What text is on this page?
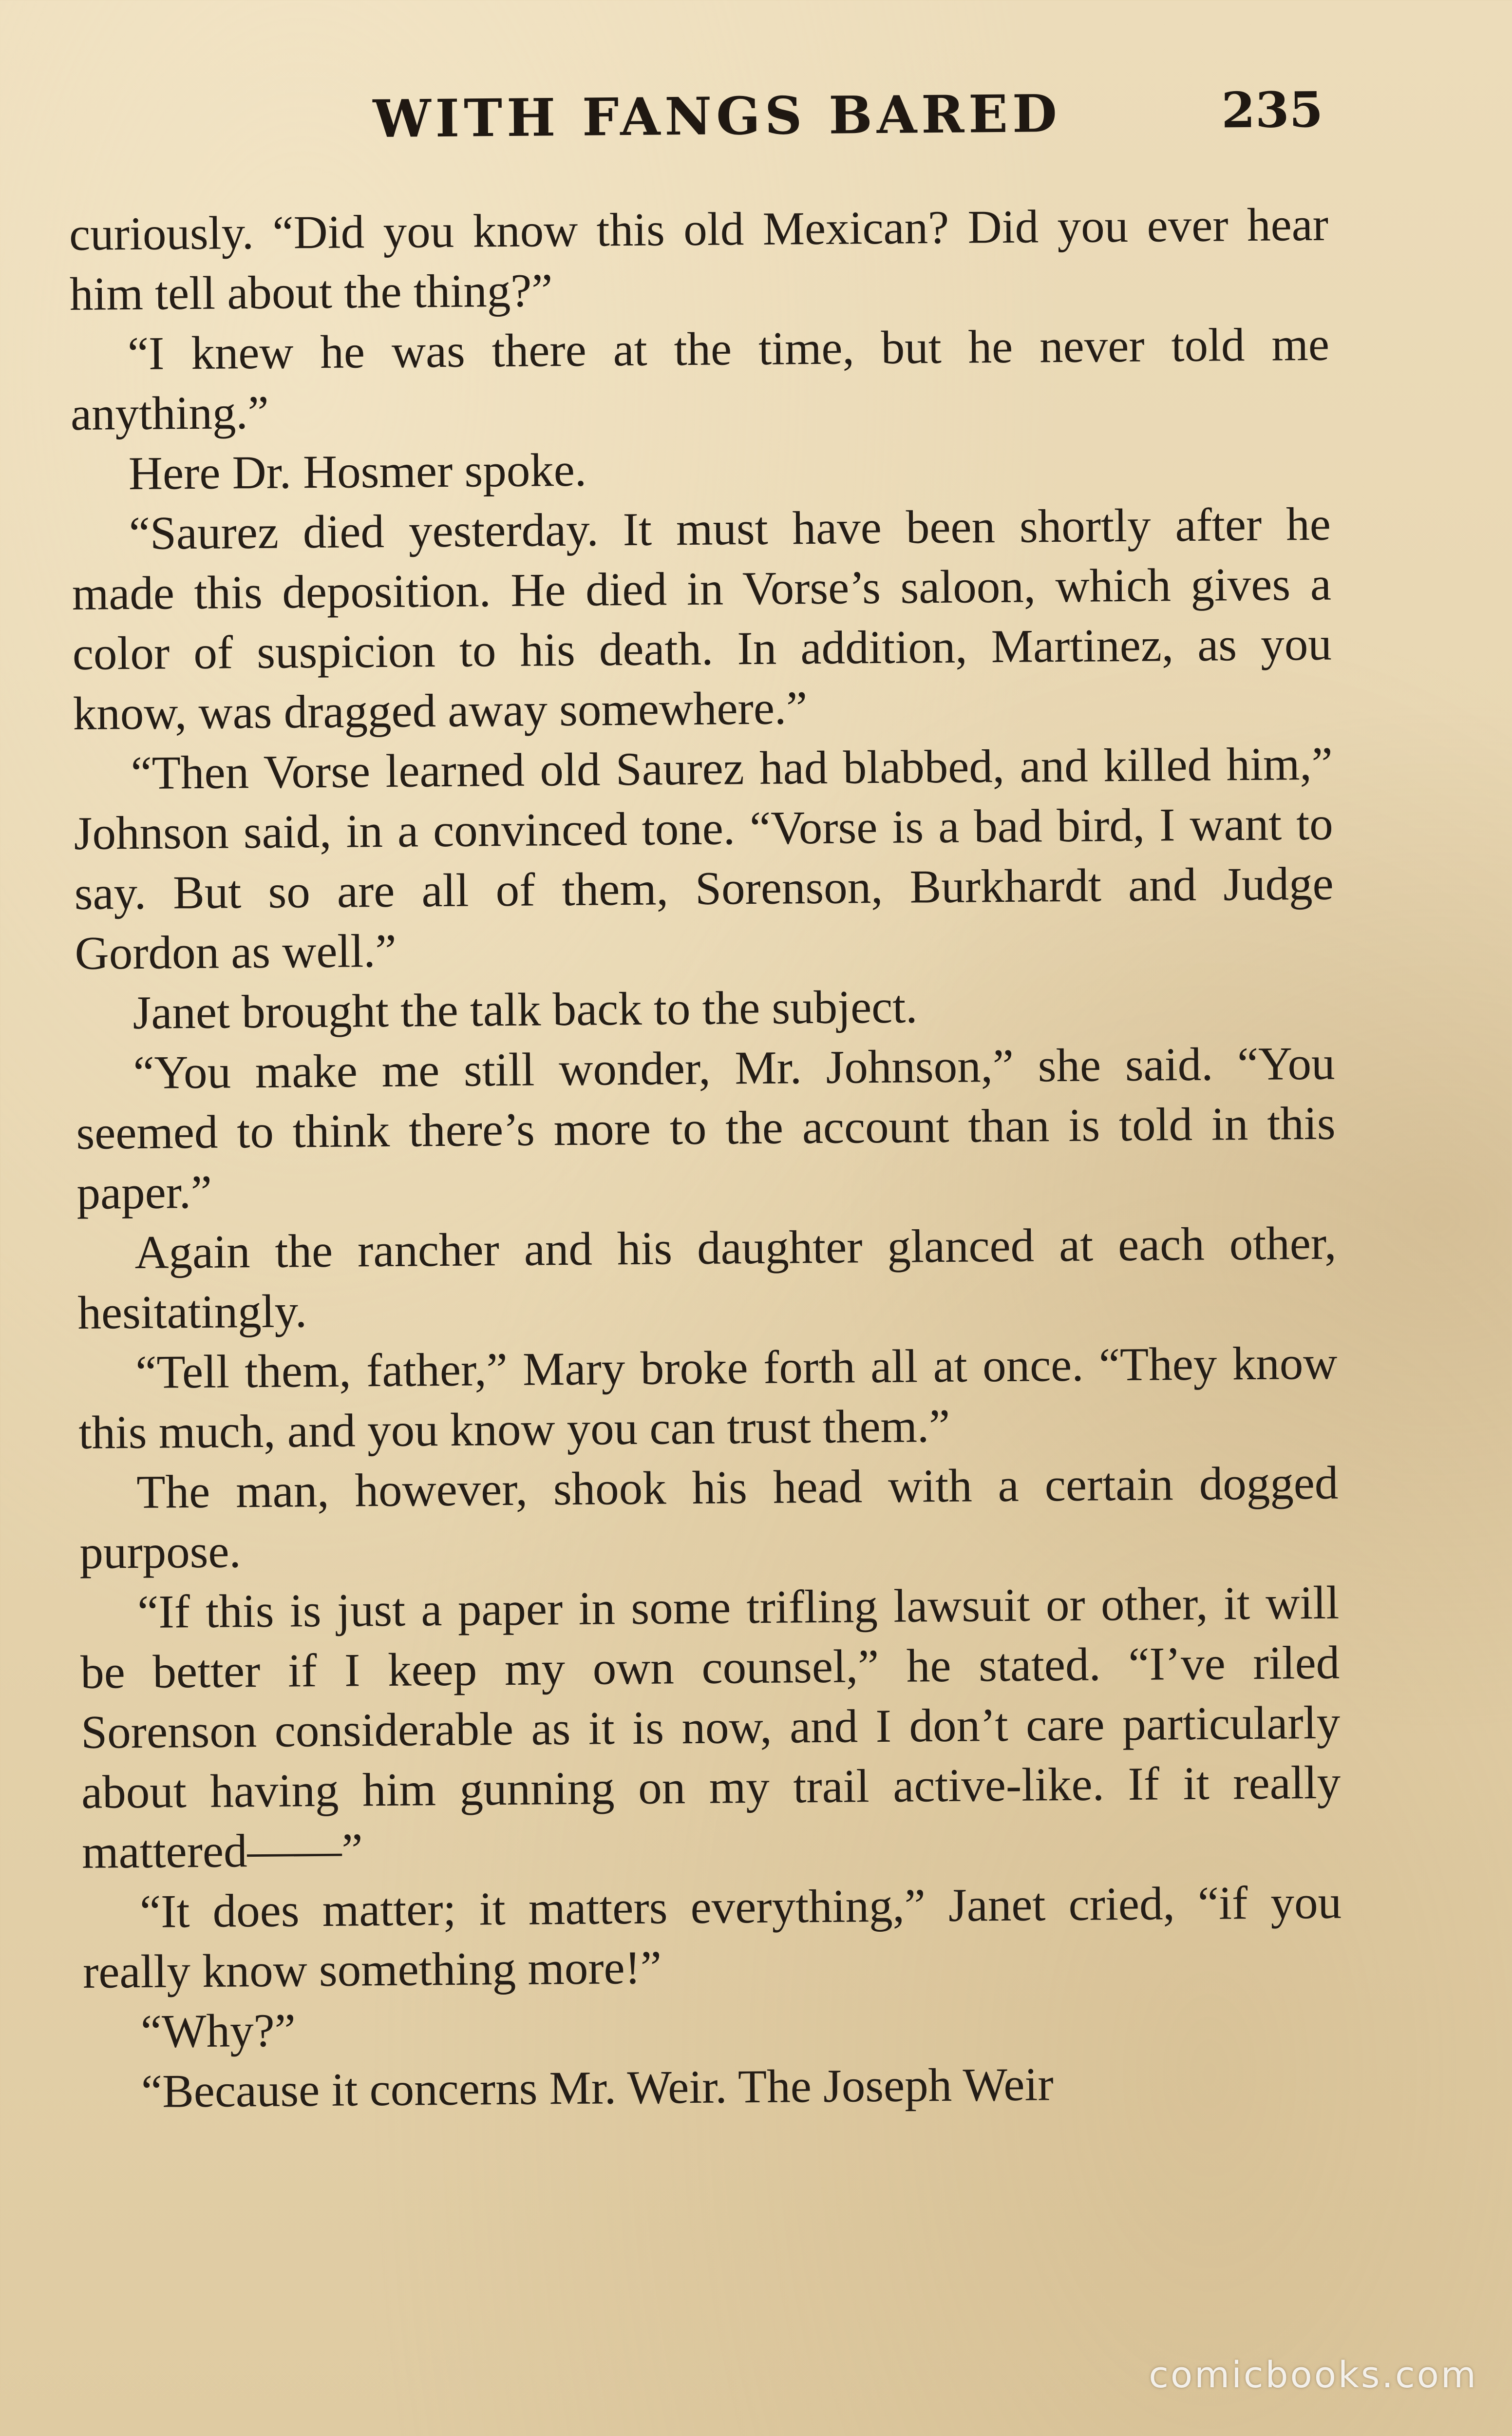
WITH FANGS BARED	235

curiously. “Did you know this old Mexican? Did you ever hear him tell about the thing?”

“I knew he was there at the time, but he never told me anything.”

Here Dr. Hosmer spoke.

“Saurez died yesterday. It must have been shortly after he made this deposition. He died in Vorse’s saloon, which gives a color of suspicion to his death. In addition, Martinez, as you know, was dragged away somewhere.”

“Then Vorse learned old Saurez had blabbed, and killed him,” Johnson said, in a convinced tone. “Vorse is a bad bird, I want to say. But so are all of them, Sorenson, Burkhardt and Judge Gordon as well.”

Janet brought the talk back to the subject.

“You make me still wonder, Mr. Johnson,” she said. “You seemed to think there’s more to the account than is told in this paper.”

Again the rancher and his daughter glanced at each other, hesitatingly.

“Tell them, father,” Mary broke forth all at once. “They know this much, and you know you can trust them.”

The man, however, shook his head with a certain dogged purpose.

“If this is just a paper in some trifling lawsuit or other, it will be better if I keep my own counsel,” he stated. “I’ve riled Sorenson considerable as it is now, and I don’t care particularly about having him gunning on my trail active-like. If it really mattered——”

“It does matter; it matters everything,” Janet cried, “if you really know something more!”

“Why?”

“Because it concerns Mr. Weir. The Joseph Weir

comicbooks.com
